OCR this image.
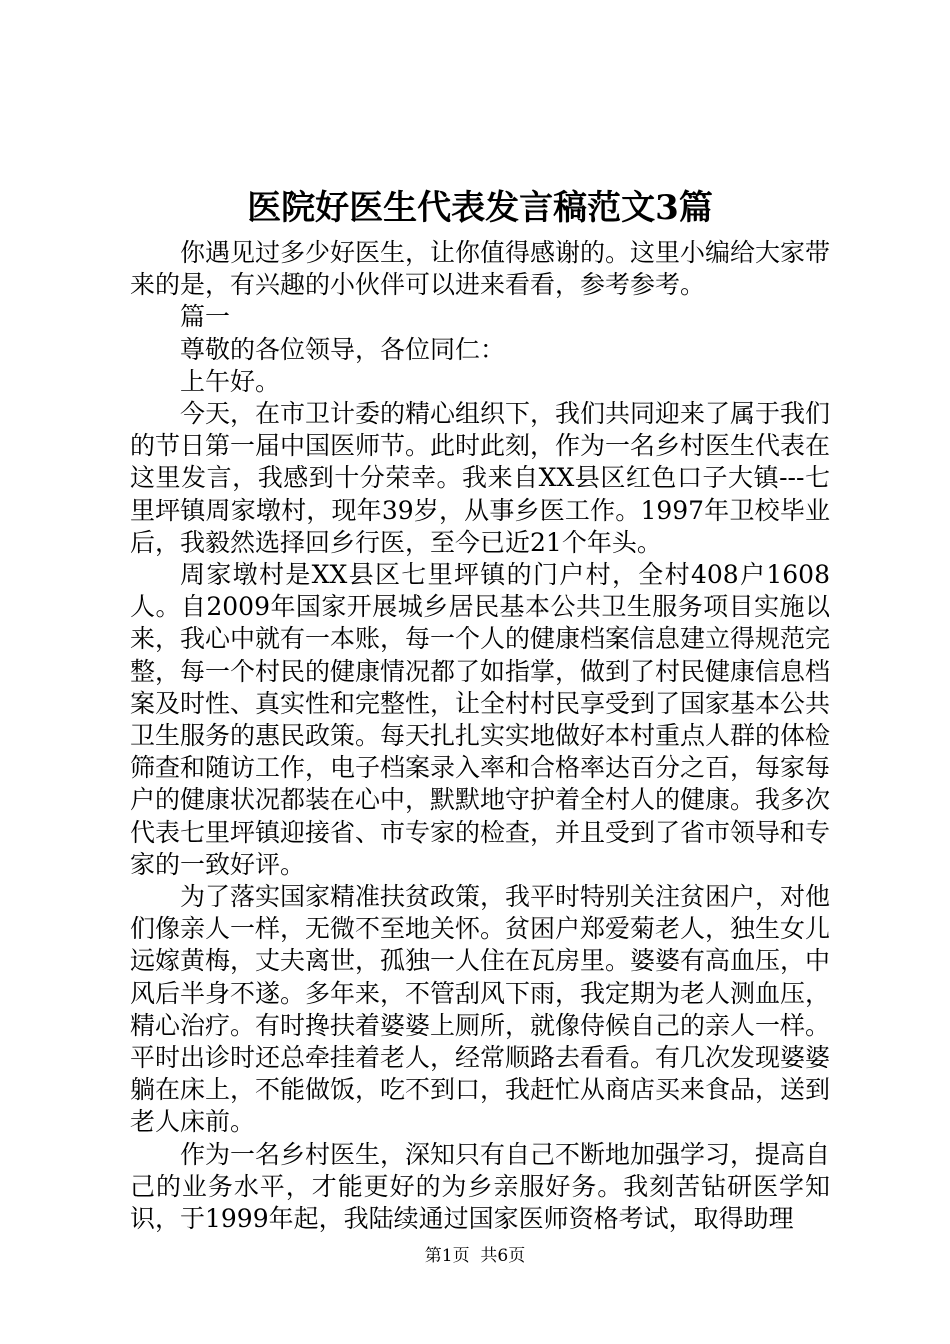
医院好医生代表发言稿范文3篇

你遇见过多少好医生，让你值得感谢的。这里小编给大家带来的是，有兴趣的小伙伴可以进来看看，参考参考。

篇一

尊敬的各位领导，各位同仁：

上午好。

今天，在市卫计委的精心组织下，我们共同迎来了属于我们的节日第一届中国医师节。此时此刻，作为一名乡村医生代表在这里发言，我感到十分荣幸。我来自XX县区红色口子大镇---七里坪镇周家墩村，现年39岁，从事乡医工作。1997年卫校毕业后，我毅然选择回乡行医，至今已近21个年头。

周家墩村是XX县区七里坪镇的门户村，全村408户1608人。自2009年国家开展城乡居民基本公共卫生服务项目实施以来，我心中就有一本账，每一个人的健康档案信息建立得规范完整，每一个村民的健康情况都了如指掌，做到了村民健康信息档案及时性、真实性和完整性，让全村村民享受到了国家基本公共卫生服务的惠民政策。每天扎扎实实地做好本村重点人群的体检筛查和随访工作，电子档案录入率和合格率达百分之百，每家每户的健康状况都装在心中，默默地守护着全村人的健康。我多次代表七里坪镇迎接省、市专家的检查，并且受到了省市领导和专家的一致好评。

为了落实国家精准扶贫政策，我平时特别关注贫困户，对他们像亲人一样，无微不至地关怀。贫困户郑爱菊老人，独生女儿远嫁黄梅，丈夫离世，孤独一人住在瓦房里。婆婆有高血压，中风后半身不遂。多年来，不管刮风下雨，我定期为老人测血压，精心治疗。有时搀扶着婆婆上厕所，就像侍候自己的亲人一样。平时出诊时还总牵挂着老人，经常顺路去看看。有几次发现婆婆躺在床上，不能做饭，吃不到口，我赶忙从商店买来食品，送到老人床前。

作为一名乡村医生，深知只有自己不断地加强学习，提高自己的业务水平，才能更好的为乡亲服好务。我刻苦钻研医学知识，于1999年起，我陆续通过国家医师资格考试，取得助理

第1页  共6页
